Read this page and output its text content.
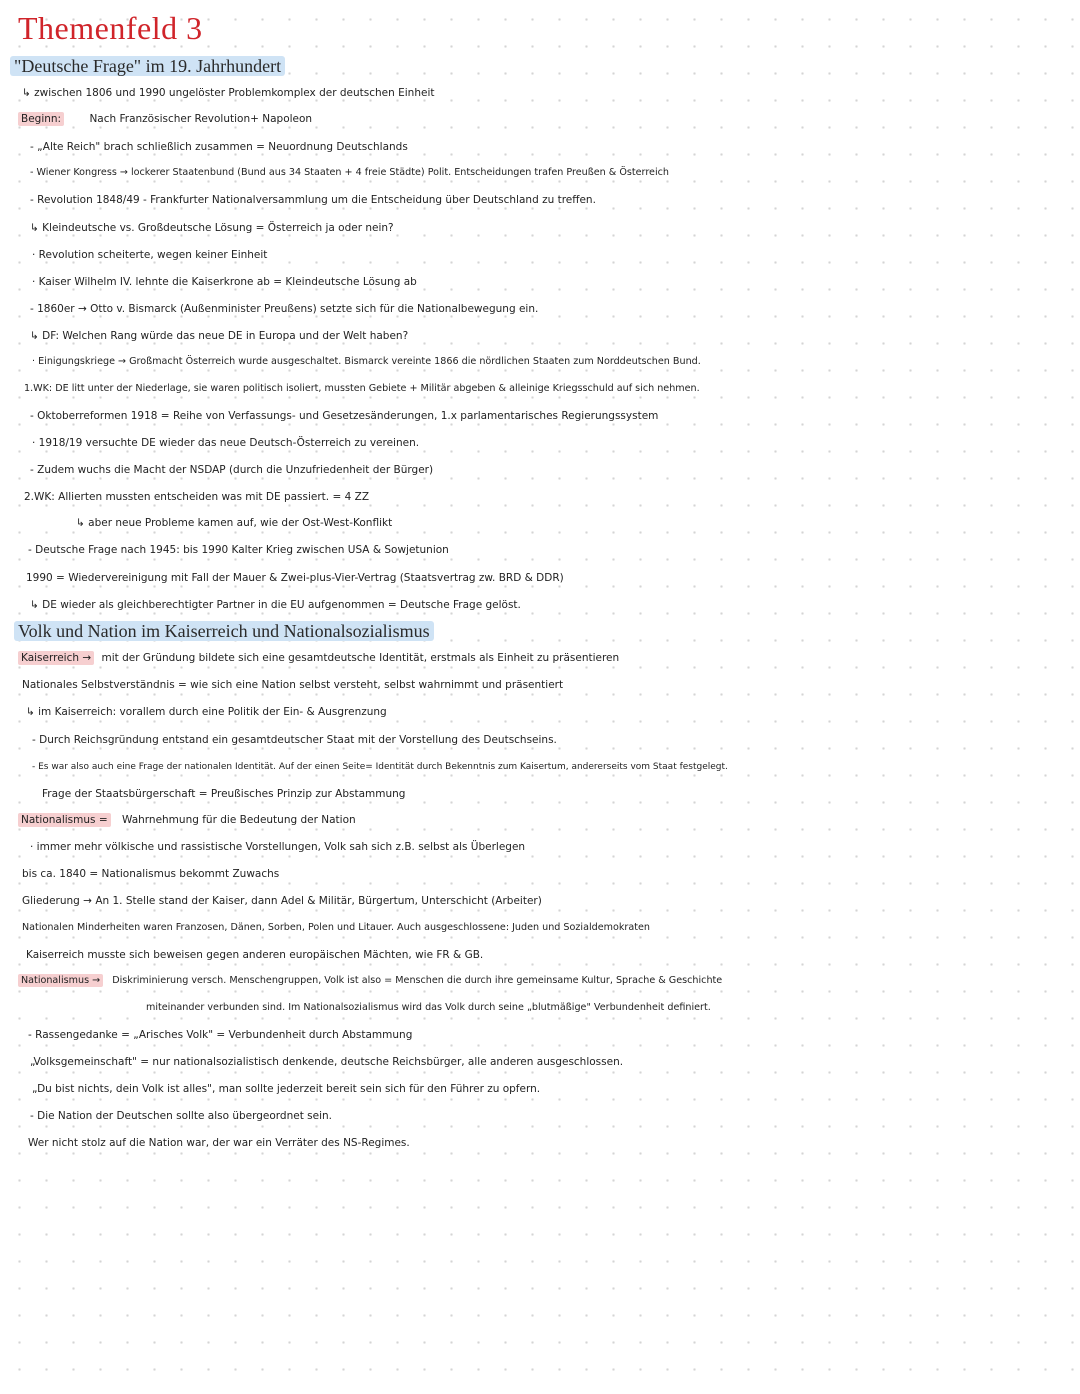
Themenfeld 3
"Deutsche Frage" im 19. Jahrhundert
↳ zwischen 1806 und 1990 ungelöster Problemkomplex der deutschen Einheit
Beginn:	Nach Französischer Revolution+ Napoleon
- „Alte Reich" brach schließlich zusammen = Neuordnung Deutschlands
- Wiener Kongress → lockerer Staatenbund (Bund aus 34 Staaten + 4 freie Städte) Polit. Entscheidungen trafen Preußen & Österreich
- Revolution 1848/49 - Frankfurter Nationalversammlung um die Entscheidung über Deutschland zu treffen.
↳ Kleindeutsche vs. Großdeutsche Lösung = Österreich ja oder nein?
· Revolution scheiterte, wegen keiner Einheit
· Kaiser Wilhelm IV. lehnte die Kaiserkrone ab = Kleindeutsche Lösung ab
- 1860er → Otto v. Bismarck (Außenminister Preußens) setzte sich für die Nationalbewegung ein.
↳ DF: Welchen Rang würde das neue DE in Europa und der Welt haben?
· Einigungskriege → Großmacht Österreich wurde ausgeschaltet. Bismarck vereinte 1866 die nördlichen Staaten zum Norddeutschen Bund.
1.WK: DE litt unter der Niederlage, sie waren politisch isoliert, mussten Gebiete + Militär abgeben & alleinige Kriegsschuld auf sich nehmen.
- Oktoberreformen 1918 = Reihe von Verfassungs- und Gesetzesänderungen, 1.x parlamentarisches Regierungssystem
· 1918/19 versuchte DE wieder das neue Deutsch-Österreich zu vereinen.
- Zudem wuchs die Macht der NSDAP (durch die Unzufriedenheit der Bürger)
2.WK: Allierten mussten entscheiden was mit DE passiert. = 4 ZZ
↳ aber neue Probleme kamen auf, wie der Ost-West-Konflikt
- Deutsche Frage nach 1945: bis 1990 Kalter Krieg zwischen USA & Sowjetunion
1990 = Wiedervereinigung mit Fall der Mauer & Zwei-plus-Vier-Vertrag (Staatsvertrag zw. BRD & DDR)
↳ DE wieder als gleichberechtigter Partner in die EU aufgenommen = Deutsche Frage gelöst.
Volk und Nation im Kaiserreich und Nationalsozialismus
Kaiserreich → mit der Gründung bildete sich eine gesamtdeutsche Identität, erstmals als Einheit zu präsentieren
Nationales Selbstverständnis = wie sich eine Nation selbst versteht, selbst wahrnimmt und präsentiert
↳ im Kaiserreich: vorallem durch eine Politik der Ein- & Ausgrenzung
- Durch Reichsgründung entstand ein gesamtdeutscher Staat mit der Vorstellung des Deutschseins.
- Es war also auch eine Frage der nationalen Identität. Auf der einen Seite= Identität durch Bekenntnis zum Kaisertum, andererseits vom Staat festgelegt.
Frage der Staatsbürgerschaft = Preußisches Prinzip zur Abstammung
Nationalismus = Wahrnehmung für die Bedeutung der Nation
· immer mehr völkische und rassistische Vorstellungen, Volk sah sich z.B. selbst als Überlegen
bis ca. 1840 = Nationalismus bekommt Zuwachs
Gliederung → An 1. Stelle stand der Kaiser, dann Adel & Militär, Bürgertum, Unterschicht (Arbeiter)
Nationalen Minderheiten waren Franzosen, Dänen, Sorben, Polen und Litauer. Auch ausgeschlossene: Juden und Sozialdemokraten
Kaiserreich musste sich beweisen gegen anderen europäischen Mächten, wie FR & GB.
Nationalismus → Diskriminierung versch. Menschengruppen, Volk ist also = Menschen die durch ihre gemeinsame Kultur, Sprache & Geschichte
miteinander verbunden sind. Im Nationalsozialismus wird das Volk durch seine „blutmäßige" Verbundenheit definiert.
- Rassengedanke = „Arisches Volk" = Verbundenheit durch Abstammung
„Volksgemeinschaft" = nur nationalsozialistisch denkende, deutsche Reichsbürger, alle anderen ausgeschlossen.
„Du bist nichts, dein Volk ist alles", man sollte jederzeit bereit sein sich für den Führer zu opfern.
- Die Nation der Deutschen sollte also übergeordnet sein.
Wer nicht stolz auf die Nation war, der war ein Verräter des NS-Regimes.
